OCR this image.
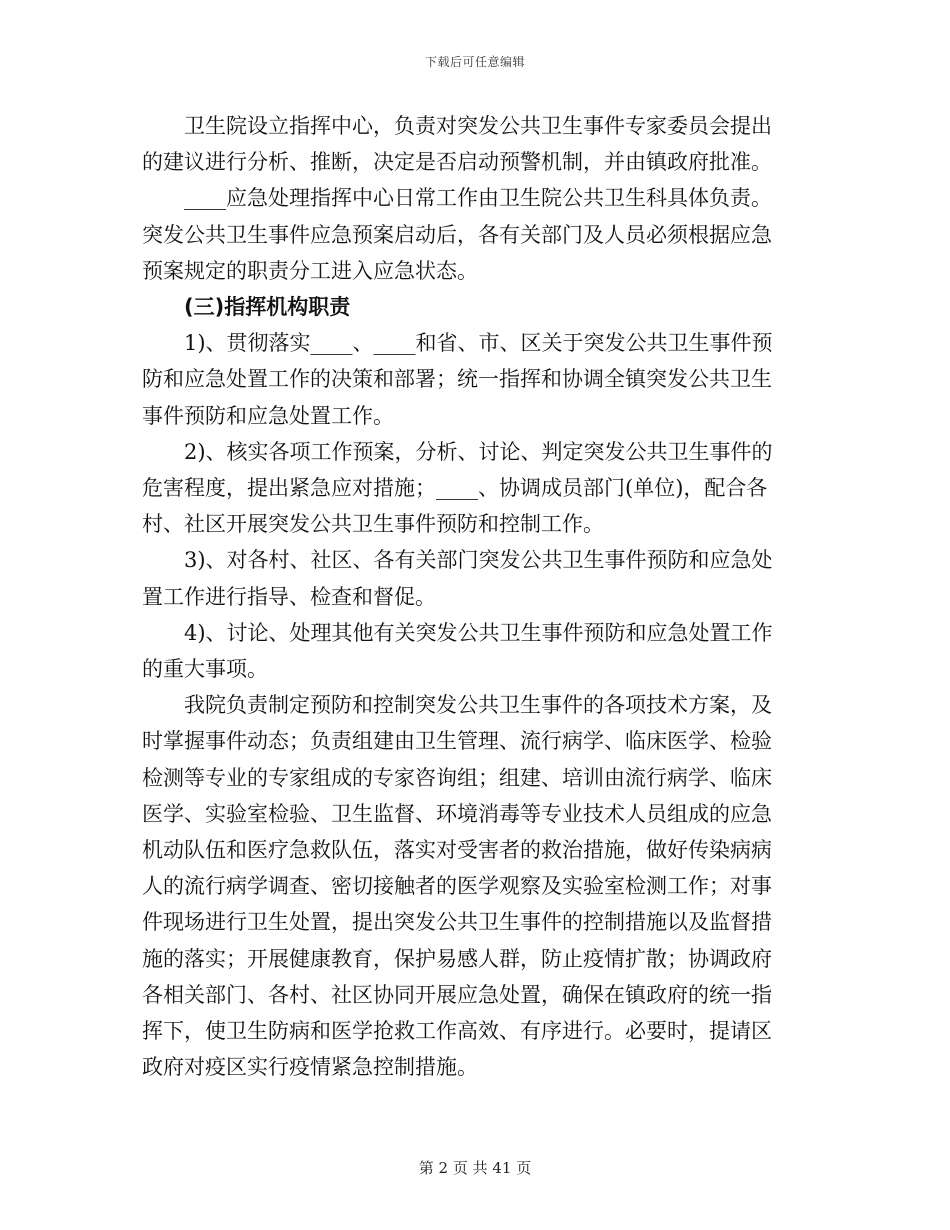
下载后可任意编辑

卫生院设立指挥中心，负责对突发公共卫生事件专家委员会提出
的建议进行分析、推断，决定是否启动预警机制，并由镇政府批准。

____应急处理指挥中心日常工作由卫生院公共卫生科具体负责。
突发公共卫生事件应急预案启动后，各有关部门及人员必须根据应急
预案规定的职责分工进入应急状态。

(三)指挥机构职责

1)、贯彻落实____、____和省、市、区关于突发公共卫生事件预
防和应急处置工作的决策和部署；统一指挥和协调全镇突发公共卫生
事件预防和应急处置工作。

2)、核实各项工作预案，分析、讨论、判定突发公共卫生事件的
危害程度，提出紧急应对措施；____、协调成员部门(单位)，配合各
村、社区开展突发公共卫生事件预防和控制工作。

3)、对各村、社区、各有关部门突发公共卫生事件预防和应急处
置工作进行指导、检查和督促。

4)、讨论、处理其他有关突发公共卫生事件预防和应急处置工作
的重大事项。

我院负责制定预防和控制突发公共卫生事件的各项技术方案，及
时掌握事件动态；负责组建由卫生管理、流行病学、临床医学、检验
检测等专业的专家组成的专家咨询组；组建、培训由流行病学、临床
医学、实验室检验、卫生监督、环境消毒等专业技术人员组成的应急
机动队伍和医疗急救队伍，落实对受害者的救治措施，做好传染病病
人的流行病学调查、密切接触者的医学观察及实验室检测工作；对事
件现场进行卫生处置，提出突发公共卫生事件的控制措施以及监督措
施的落实；开展健康教育，保护易感人群，防止疫情扩散；协调政府
各相关部门、各村、社区协同开展应急处置，确保在镇政府的统一指
挥下，使卫生防病和医学抢救工作高效、有序进行。必要时，提请区
政府对疫区实行疫情紧急控制措施。

第 2 页 共 41 页
